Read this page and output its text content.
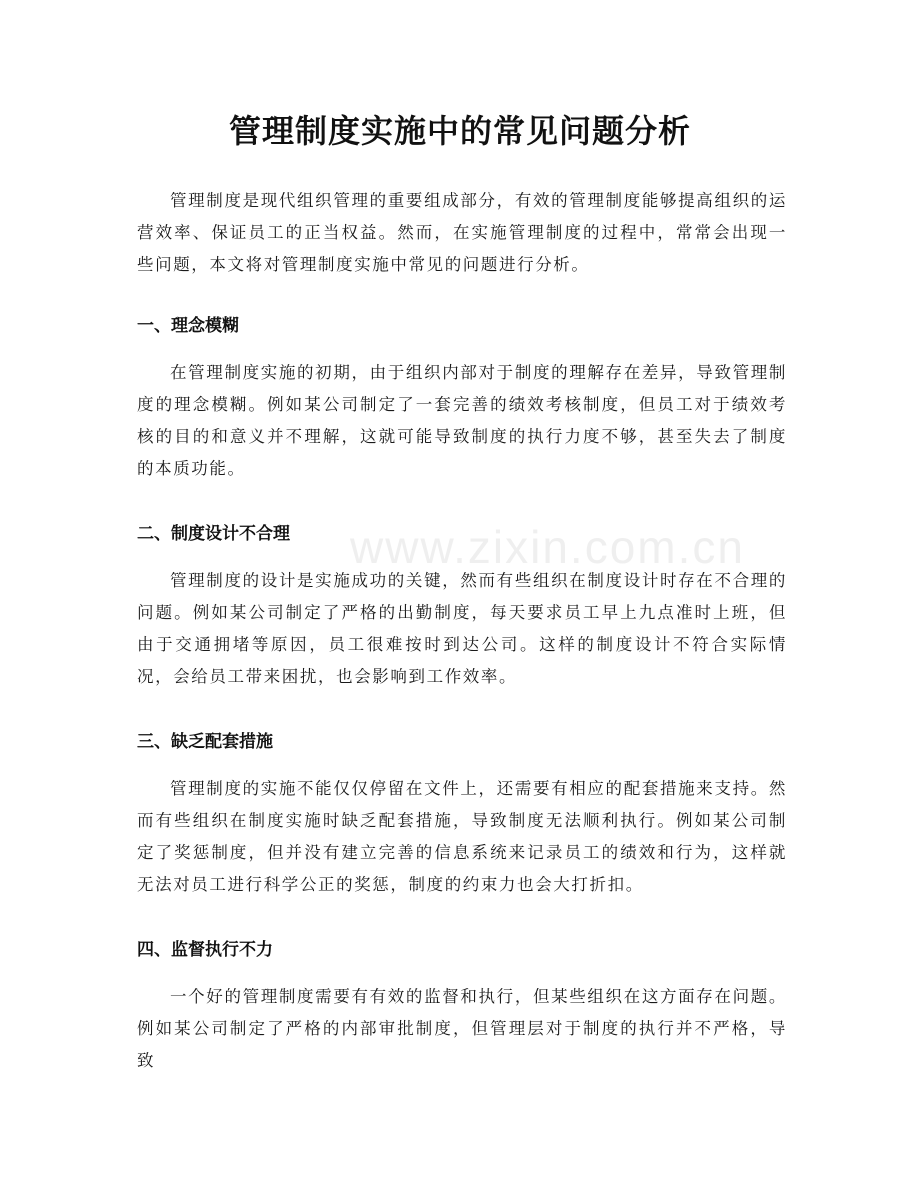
管理制度实施中的常见问题分析

管理制度是现代组织管理的重要组成部分，有效的管理制度能够提高组织的运营效率、保证员工的正当权益。然而，在实施管理制度的过程中，常常会出现一些问题，本文将对管理制度实施中常见的问题进行分析。

一、理念模糊

在管理制度实施的初期，由于组织内部对于制度的理解存在差异，导致管理制度的理念模糊。例如某公司制定了一套完善的绩效考核制度，但员工对于绩效考核的目的和意义并不理解，这就可能导致制度的执行力度不够，甚至失去了制度的本质功能。

二、制度设计不合理

管理制度的设计是实施成功的关键，然而有些组织在制度设计时存在不合理的问题。例如某公司制定了严格的出勤制度，每天要求员工早上九点准时上班，但由于交通拥堵等原因，员工很难按时到达公司。这样的制度设计不符合实际情况，会给员工带来困扰，也会影响到工作效率。

三、缺乏配套措施

管理制度的实施不能仅仅停留在文件上，还需要有相应的配套措施来支持。然而有些组织在制度实施时缺乏配套措施，导致制度无法顺利执行。例如某公司制定了奖惩制度，但并没有建立完善的信息系统来记录员工的绩效和行为，这样就无法对员工进行科学公正的奖惩，制度的约束力也会大打折扣。

四、监督执行不力

一个好的管理制度需要有有效的监督和执行，但某些组织在这方面存在问题。例如某公司制定了严格的内部审批制度，但管理层对于制度的执行并不严格，导致

www.zixin.com.cn
